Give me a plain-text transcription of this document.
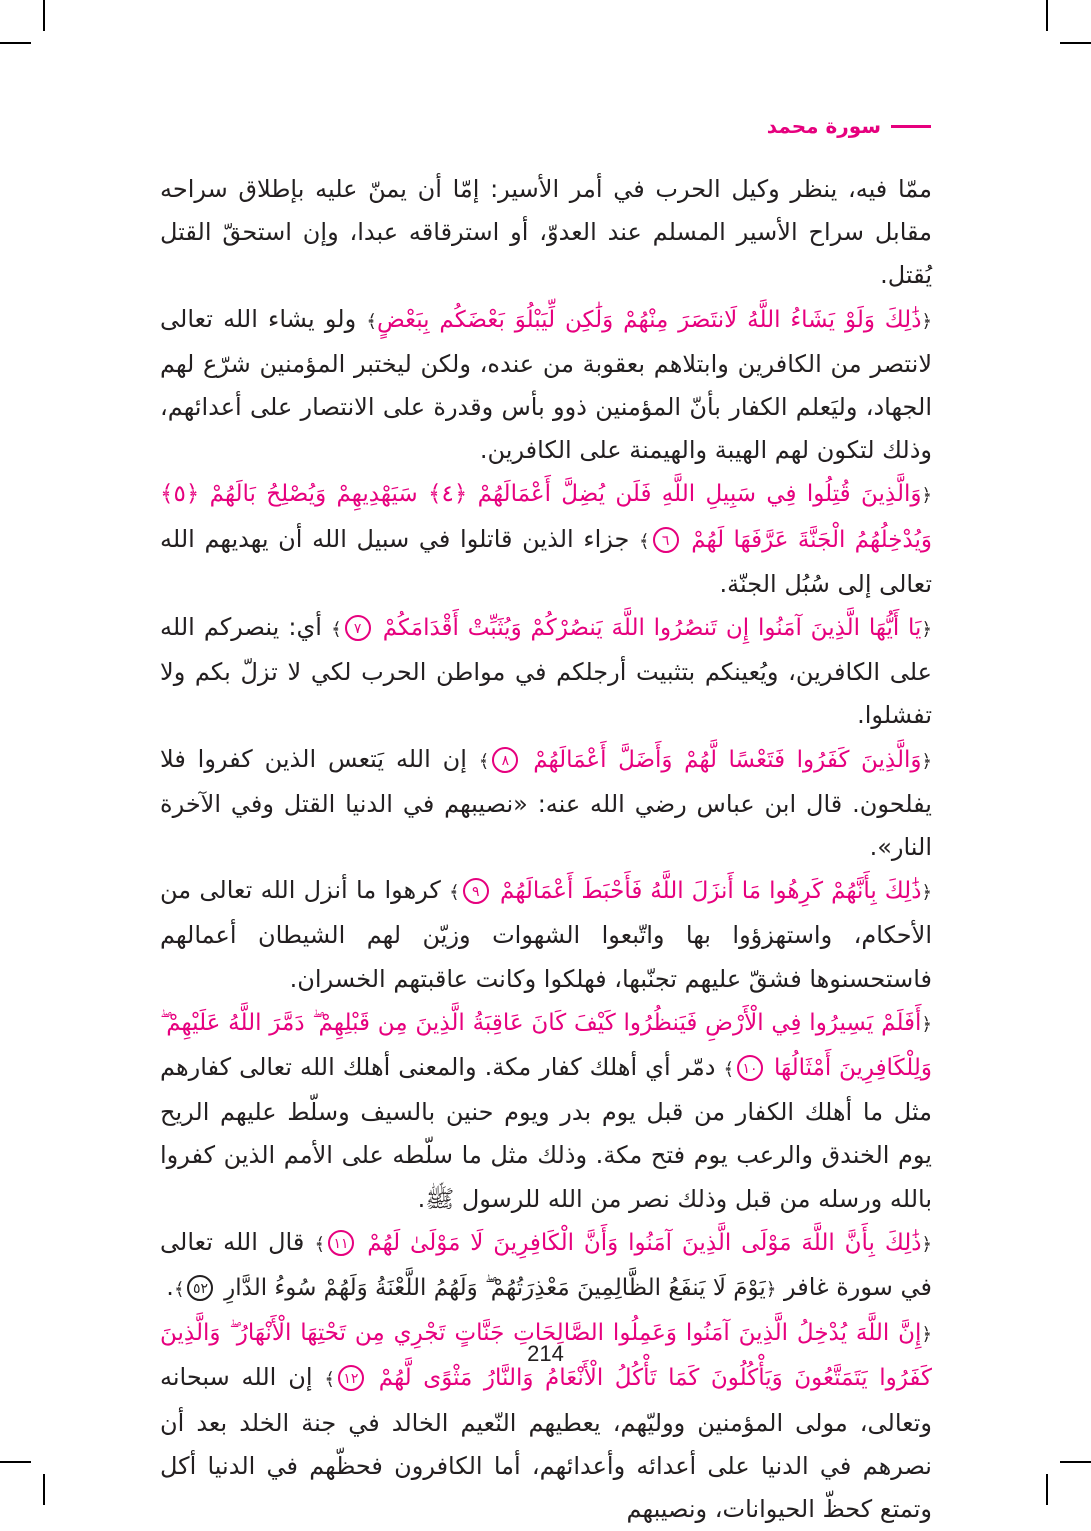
سورة محمد

ممّا فيه، ينظر وكيل الحرب في أمر الأسير: إمّا أن يمنّ عليه بإطلاق سراحه مقابل سراح الأسير المسلم عند العدوّ، أو استرقاقه عبدا، وإن استحقّ القتل يُقتل.

﴿ذَٰلِكَ وَلَوْ يَشَاءُ اللَّهُ لَانتَصَرَ مِنْهُمْ وَلَٰكِن لِّيَبْلُوَ بَعْضَكُم بِبَعْضٍ﴾ ولو يشاء الله تعالى لانتصر من الكافرين وابتلاهم بعقوبة من عنده، ولكن ليختبر المؤمنين شرّع لهم الجهاد، وليَعلم الكفار بأنّ المؤمنين ذوو بأس وقدرة على الانتصار على أعدائهم، وذلك لتكون لهم الهيبة والهيمنة على الكافرين.

﴿وَالَّذِينَ قُتِلُوا فِي سَبِيلِ اللَّهِ فَلَن يُضِلَّ أَعْمَالَهُمْ ﴿٤﴾ سَيَهْدِيهِمْ وَيُصْلِحُ بَالَهُمْ ﴿٥﴾ وَيُدْخِلُهُمُ الْجَنَّةَ عَرَّفَهَا لَهُمْ ٦﴾ جزاء الذين قاتلوا في سبيل الله أن يهديهم الله تعالى إلى سُبُل الجنّة.

﴿يَا أَيُّهَا الَّذِينَ آمَنُوا إِن تَنصُرُوا اللَّهَ يَنصُرْكُمْ وَيُثَبِّتْ أَقْدَامَكُمْ ٧﴾ أي: ينصركم الله على الكافرين، ويُعينكم بتثبيت أرجلكم في مواطن الحرب لكي لا تزلّ بكم ولا تفشلوا.

﴿وَالَّذِينَ كَفَرُوا فَتَعْسًا لَّهُمْ وَأَضَلَّ أَعْمَالَهُمْ ٨﴾ إن الله يَتعس الذين كفروا فلا يفلحون. قال ابن عباس رضي الله عنه: «نصيبهم في الدنيا القتل وفي الآخرة النار».

﴿ذَٰلِكَ بِأَنَّهُمْ كَرِهُوا مَا أَنزَلَ اللَّهُ فَأَحْبَطَ أَعْمَالَهُمْ ٩﴾ كرهوا ما أنزل الله تعالى من الأحكام، واستهزؤوا بها واتّبعوا الشهوات وزيّن لهم الشيطان أعمالهم فاستحسنوها فشقّ عليهم تجنّبها، فهلكوا وكانت عاقبتهم الخسران.

﴿أَفَلَمْ يَسِيرُوا فِي الْأَرْضِ فَيَنظُرُوا كَيْفَ كَانَ عَاقِبَةُ الَّذِينَ مِن قَبْلِهِمْ ۖ دَمَّرَ اللَّهُ عَلَيْهِمْ ۖ وَلِلْكَافِرِينَ أَمْثَالُهَا ١٠﴾ دمّر أي أهلك كفار مكة. والمعنى أهلك الله تعالى كفارهم مثل ما أهلك الكفار من قبل يوم بدر ويوم حنين بالسيف وسلّط عليهم الريح يوم الخندق والرعب يوم فتح مكة. وذلك مثل ما سلّطه على الأمم الذين كفروا بالله ورسله من قبل وذلك نصر من الله للرسول ﷺ.

﴿ذَٰلِكَ بِأَنَّ اللَّهَ مَوْلَى الَّذِينَ آمَنُوا وَأَنَّ الْكَافِرِينَ لَا مَوْلَىٰ لَهُمْ ١١﴾ قال الله تعالى في سورة غافر ﴿يَوْمَ لَا يَنفَعُ الظَّالِمِينَ مَعْذِرَتُهُمْ ۖ وَلَهُمُ اللَّعْنَةُ وَلَهُمْ سُوءُ الدَّارِ ٥٢﴾.

﴿إِنَّ اللَّهَ يُدْخِلُ الَّذِينَ آمَنُوا وَعَمِلُوا الصَّالِحَاتِ جَنَّاتٍ تَجْرِي مِن تَحْتِهَا الْأَنْهَارُ ۖ وَالَّذِينَ كَفَرُوا يَتَمَتَّعُونَ وَيَأْكُلُونَ كَمَا تَأْكُلُ الْأَنْعَامُ وَالنَّارُ مَثْوًى لَّهُمْ ١٢﴾ إن الله سبحانه وتعالى، مولى المؤمنين ووليّهم، يعطيهم النّعيم الخالد في جنة الخلد بعد أن نصرهم في الدنيا على أعدائه وأعدائهم، أما الكافرون فحظّهم في الدنيا أكل وتمتع كحظّ الحيوانات، ونصيبهم

214
